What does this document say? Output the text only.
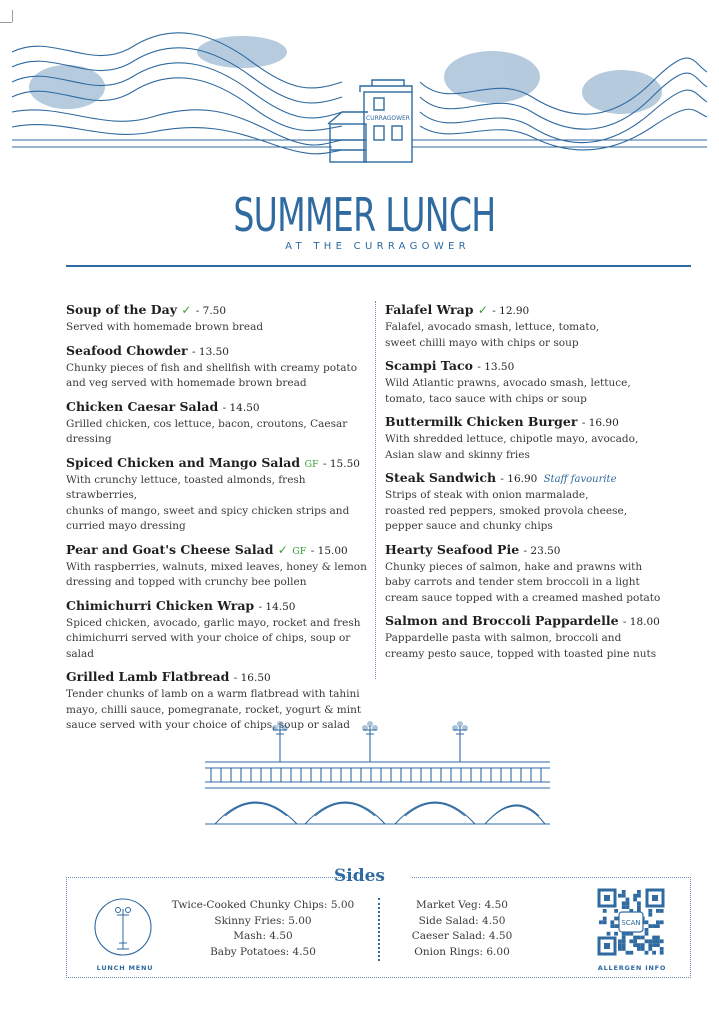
CURRAGOWER
SUMMER LUNCH
AT THE CURRAGOWER
Soup of the Day ✓ - 7.50
Served with homemade brown bread
Seafood Chowder - 13.50
Chunky pieces of fish and shellfish with creamy potato
and veg served with homemade brown bread
Chicken Caesar Salad - 14.50
Grilled chicken, cos lettuce, bacon, croutons, Caesar dressing
Spiced Chicken and Mango Salad GF - 15.50
With crunchy lettuce, toasted almonds, fresh strawberries,
chunks of mango, sweet and spicy chicken strips and
curried mayo dressing
Pear and Goat's Cheese Salad ✓ GF - 15.00
With raspberries, walnuts, mixed leaves, honey & lemon
dressing and topped with crunchy bee pollen
Chimichurri Chicken Wrap - 14.50
Spiced chicken, avocado, garlic mayo, rocket and fresh
chimichurri served with your choice of chips, soup or salad
Grilled Lamb Flatbread - 16.50
Tender chunks of lamb on a warm flatbread with tahini
mayo, chilli sauce, pomegranate, rocket, yogurt & mint
sauce served with your choice of chips, soup or salad
Falafel Wrap ✓ - 12.90
Falafel, avocado smash, lettuce, tomato,
sweet chilli mayo with chips or soup
Scampi Taco - 13.50
Wild Atlantic prawns, avocado smash, lettuce,
tomato, taco sauce with chips or soup
Buttermilk Chicken Burger - 16.90
With shredded lettuce, chipotle mayo, avocado,
Asian slaw and skinny fries
Steak Sandwich - 16.90 Staff favourite
Strips of steak with onion marmalade,
roasted red peppers, smoked provola cheese,
pepper sauce and chunky chips
Hearty Seafood Pie - 23.50
Chunky pieces of salmon, hake and prawns with
baby carrots and tender stem broccoli in a light
cream sauce topped with a creamed mashed potato
Salmon and Broccoli Pappardelle - 18.00
Pappardelle pasta with salmon, broccoli and
creamy pesto sauce, topped with toasted pine nuts
Sides
LUNCH MENU
Twice-Cooked Chunky Chips: 5.00
Skinny Fries: 5.00
Mash: 4.50
Baby Potatoes: 4.50
Market Veg: 4.50
Side Salad: 4.50
Caeser Salad: 4.50
Onion Rings: 6.00
SCAN
ALLERGEN INFO
